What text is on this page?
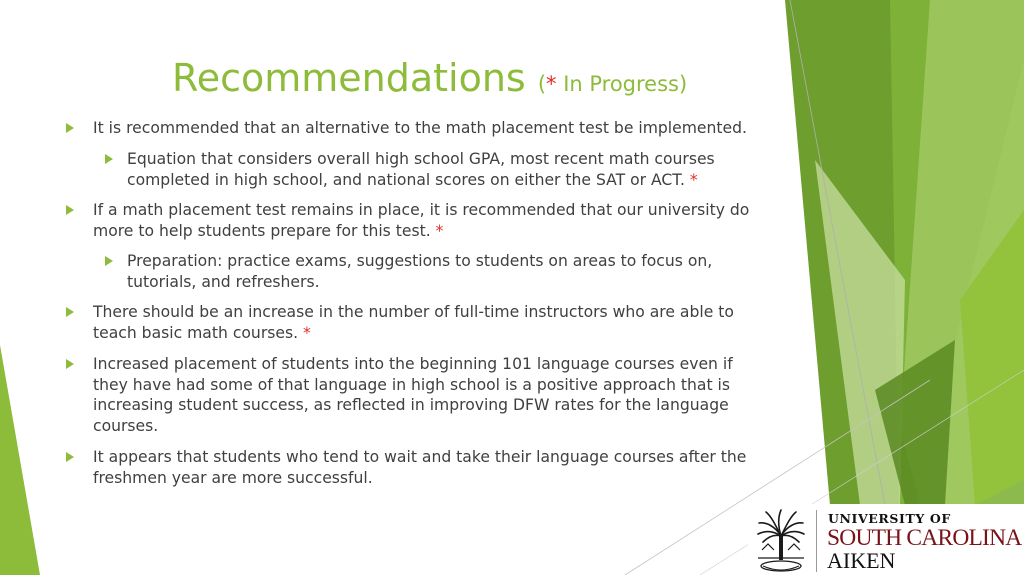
Recommendations (* In Progress)
It is recommended that an alternative to the math placement test be implemented.
Equation that considers overall high school GPA, most recent math courses completed in high school, and national scores on either the SAT or ACT. *
If a math placement test remains in place, it is recommended that our university do more to help students prepare for this test. *
Preparation: practice exams, suggestions to students on areas to focus on, tutorials, and refreshers.
There should be an increase in the number of full-time instructors who are able to teach basic math courses. *
Increased placement of students into the beginning 101 language courses even if they have had some of that language in high school is a positive approach that is increasing student success, as reflected in improving DFW rates for the language courses.
It appears that students who tend to wait and take their language courses after the freshmen year are more successful.
UNIVERSITY OF
SOUTH CAROLINA
AIKEN
